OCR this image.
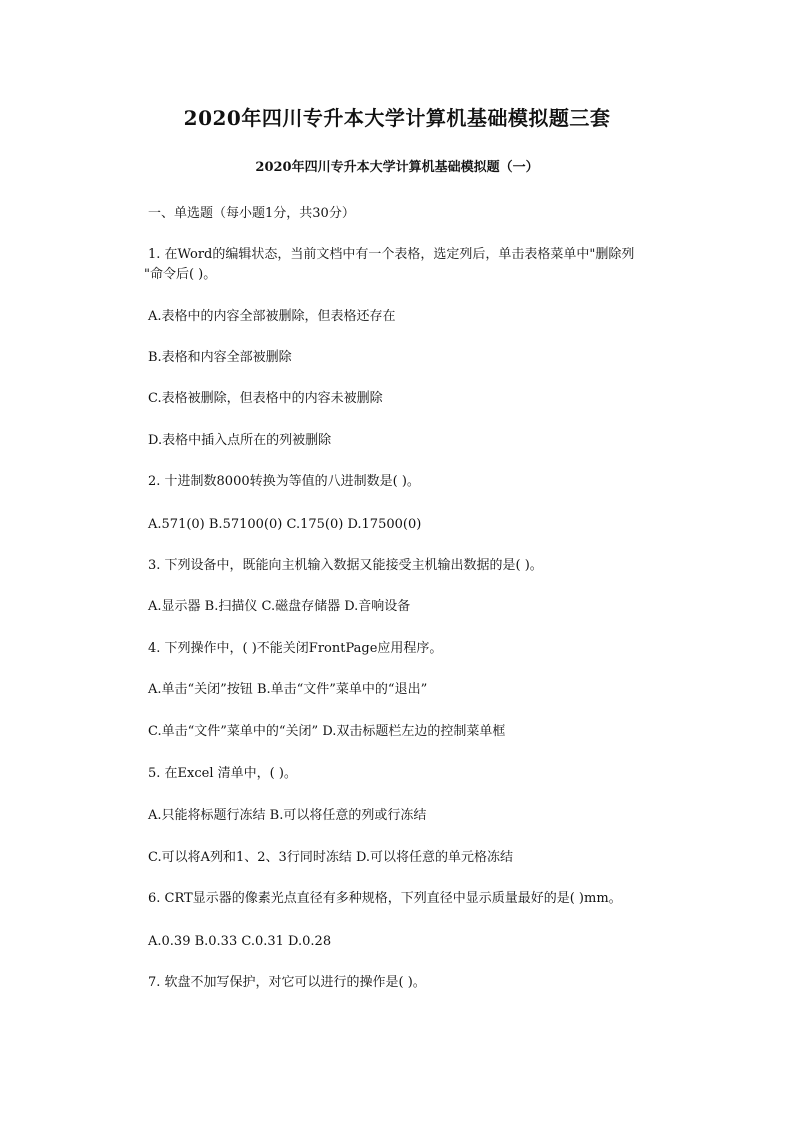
2020年四川专升本大学计算机基础模拟题三套
2020年四川专升本大学计算机基础模拟题（一）
一、单选题（每小题1分，共30分）
1. 在Word的编辑状态，当前文档中有一个表格，选定列后，单击表格菜单中"删除列
"命令后( )。
A.表格中的内容全部被删除，但表格还存在
B.表格和内容全部被删除
C.表格被删除，但表格中的内容未被删除
D.表格中插入点所在的列被删除
2. 十进制数8000转换为等值的八进制数是( )。
A.571(0) B.57100(0) C.175(0) D.17500(0)
3. 下列设备中，既能向主机输入数据又能接受主机输出数据的是( )。
A.显示器 B.扫描仪 C.磁盘存储器 D.音响设备
4. 下列操作中，( )不能关闭FrontPage应用程序。
A.单击“关闭”按钮 B.单击“文件”菜单中的“退出”
C.单击“文件”菜单中的“关闭” D.双击标题栏左边的控制菜单框
5. 在Excel 清单中，( )。
A.只能将标题行冻结 B.可以将任意的列或行冻结
C.可以将A列和1、2、3行同时冻结 D.可以将任意的单元格冻结
6. CRT显示器的像素光点直径有多种规格，下列直径中显示质量最好的是( )mm。
A.0.39 B.0.33 C.0.31 D.0.28
7. 软盘不加写保护，对它可以进行的操作是( )。
